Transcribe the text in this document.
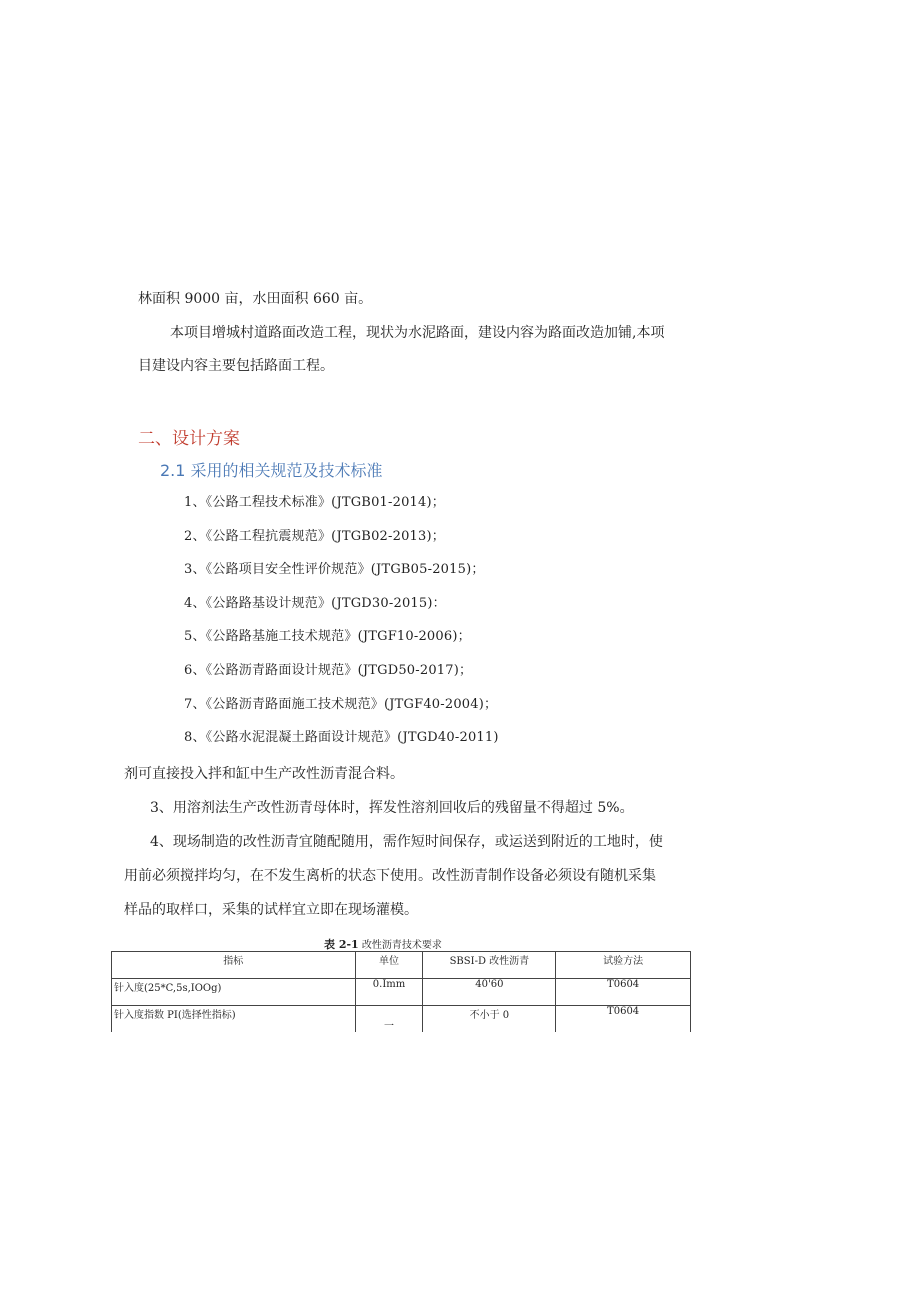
林面积 9000 亩，水田面积 660 亩。
本项目增城村道路面改造工程，现状为水泥路面，建设内容为路面改造加铺,本项
目建设内容主要包括路面工程。
二、设计方案
2.1 采用的相关规范及技术标准
1、《公路工程技术标准》(JTGB01-2014)；
2、《公路工程抗震规范》(JTGB02-2013)；
3、《公路项目安全性评价规范》(JTGB05-2015)；
4、《公路路基设计规范》(JTGD30-2015)：
5、《公路路基施工技术规范》(JTGF10-2006)；
6、《公路沥青路面设计规范》(JTGD50-2017)；
7、《公路沥青路面施工技术规范》(JTGF40-2004)；
8、《公路水泥混凝土路面设计规范》(JTGD40-2011)
剂可直接投入拌和缸中生产改性沥青混合料。
3、用溶剂法生产改性沥青母体时，挥发性溶剂回收后的残留量不得超过 5%。
4、现场制造的改性沥青宜随配随用，需作短时间保存，或运送到附近的工地时，使
用前必须搅拌均匀，在不发生离析的状态下使用。改性沥青制作设备必须设有随机采集
样品的取样口，采集的试样宜立即在现场灌模。
表 2-1 改性沥青技术要求
指标	单位	SBSI-D 改性沥青	试验方法
针入度(25*C,5s,IOOg)	0.Imm	40'60	T0604
针入度指数 PI(选择性指标)	一	不小于 0	T0604
